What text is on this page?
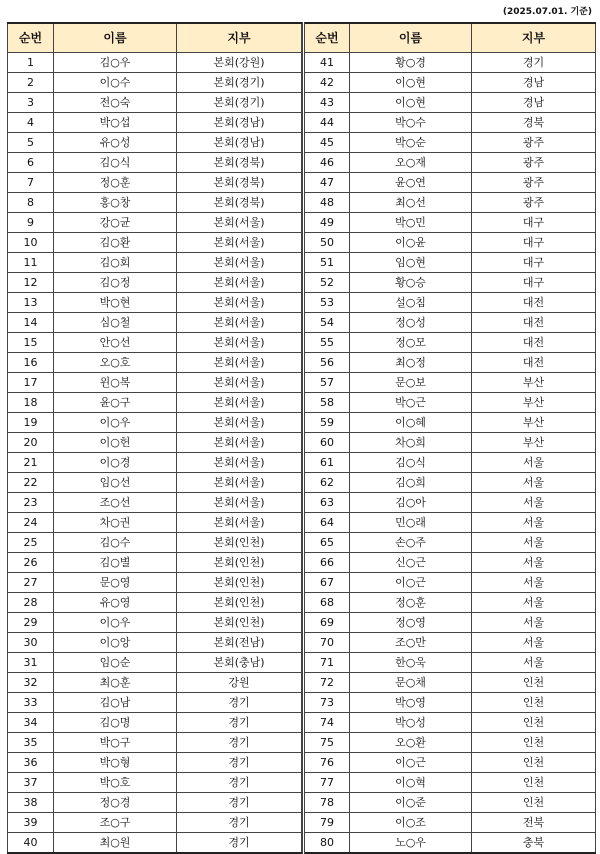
(2025.07.01. 기준)
순번	이름	지부
1	김○우	본회(강원)
2	이○수	본회(경기)
3	전○숙	본회(경기)
4	박○섭	본회(경남)
5	유○성	본회(경남)
6	김○식	본회(경북)
7	정○훈	본회(경북)
8	홍○창	본회(경북)
9	강○균	본회(서울)
10	김○환	본회(서울)
11	김○회	본회(서울)
12	김○정	본회(서울)
13	박○현	본회(서울)
14	심○철	본회(서울)
15	안○선	본회(서울)
16	오○호	본회(서울)
17	윈○복	본회(서울)
18	윤○구	본회(서울)
19	이○우	본회(서울)
20	이○헌	본회(서울)
21	이○경	본회(서울)
22	임○선	본회(서울)
23	조○선	본회(서울)
24	차○권	본회(서울)
25	김○수	본회(인천)
26	김○별	본회(인천)
27	문○영	본회(인천)
28	유○영	본회(인천)
29	이○우	본회(인천)
30	이○앙	본회(전남)
31	임○순	본회(충남)
32	최○훈	강원
33	김○남	경기
34	김○명	경기
35	박○구	경기
36	박○형	경기
37	박○호	경기
38	정○경	경기
39	조○구	경기
40	최○원	경기
순번	이름	지부
41	황○경	경기
42	이○현	경남
43	이○현	경남
44	박○수	경북
45	박○순	광주
46	오○재	광주
47	윤○연	광주
48	최○선	광주
49	박○민	대구
50	이○윤	대구
51	임○현	대구
52	황○승	대구
53	설○침	대전
54	정○성	대전
55	정○모	대전
56	최○정	대전
57	문○보	부산
58	박○근	부산
59	이○혜	부산
60	차○희	부산
61	김○식	서울
62	김○희	서울
63	김○아	서울
64	민○래	서울
65	손○주	서울
66	신○근	서울
67	이○근	서울
68	정○훈	서울
69	정○영	서울
70	조○만	서울
71	한○욱	서울
72	문○채	인천
73	박○영	인천
74	박○성	인천
75	오○환	인천
76	이○근	인천
77	이○혁	인천
78	이○준	인천
79	이○조	전북
80	노○우	충북
